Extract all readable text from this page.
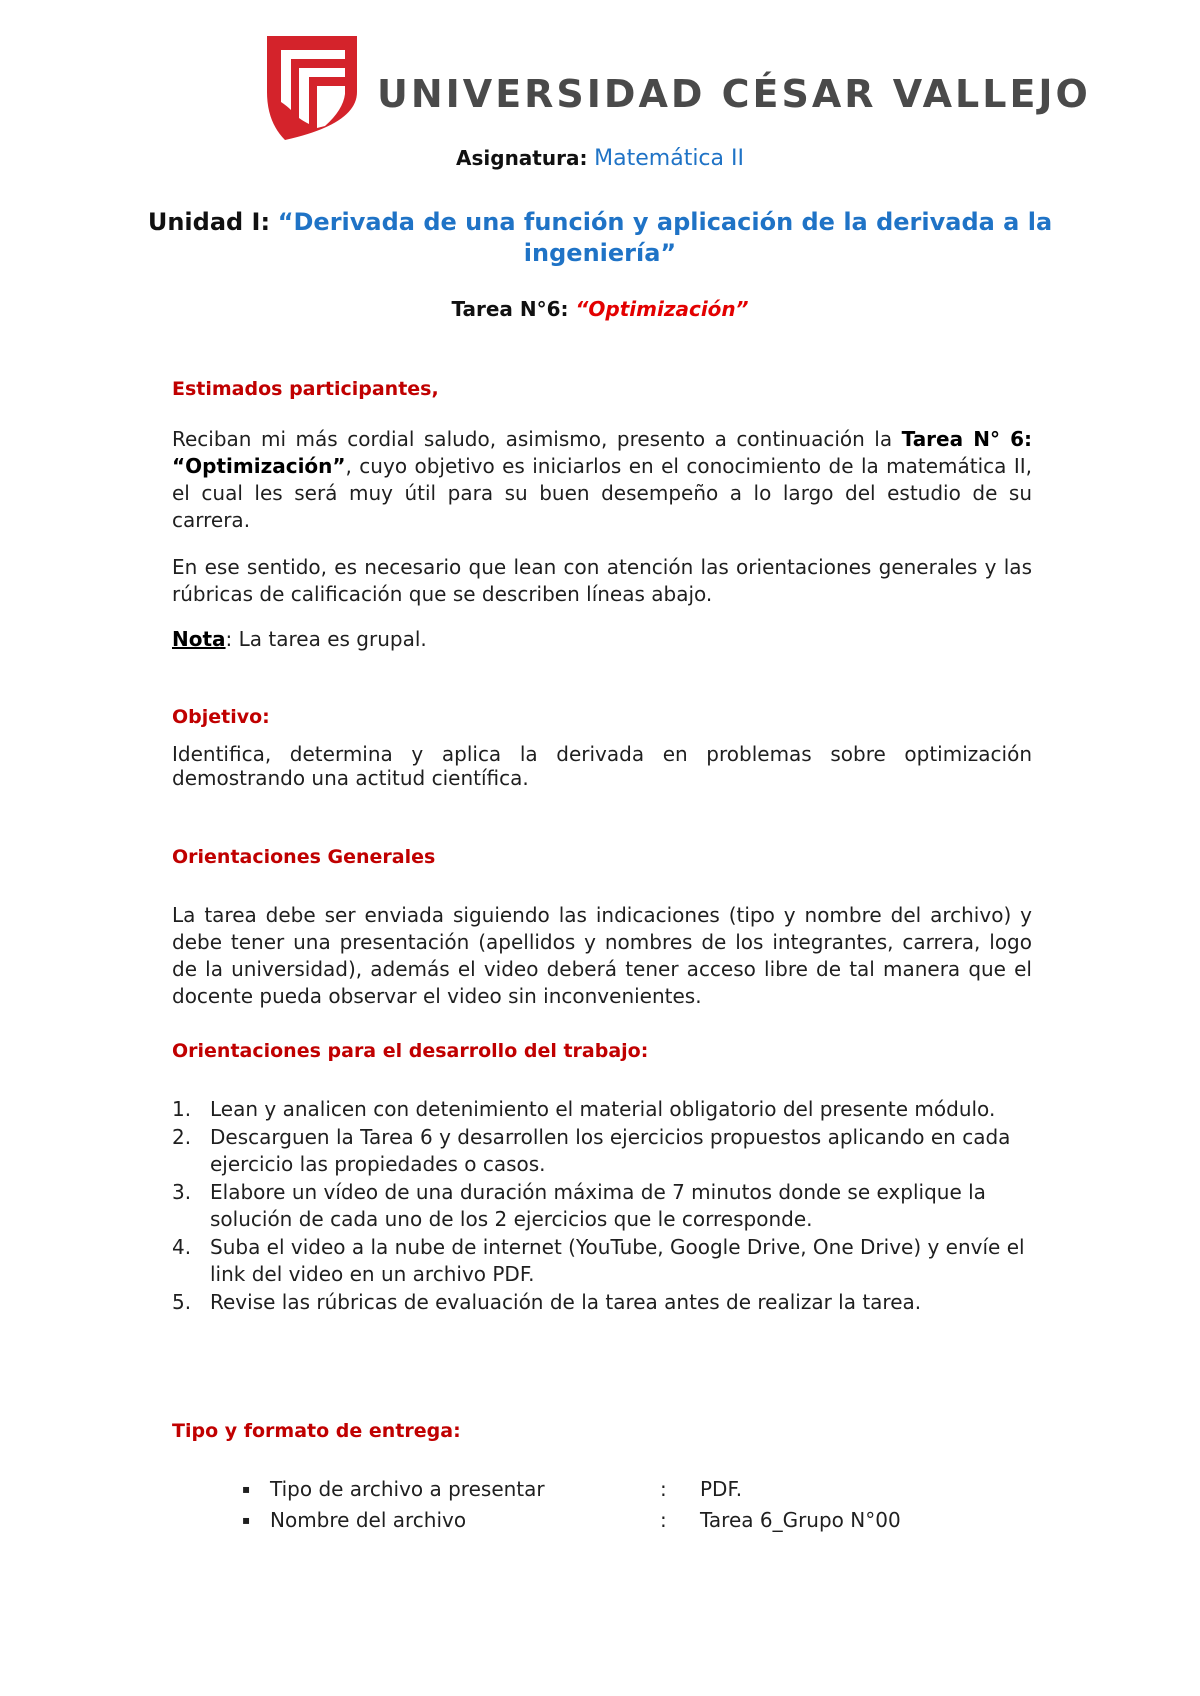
UNIVERSIDAD CÉSAR VALLEJO
Asignatura: Matemática II
Unidad I: “Derivada de una función y aplicación de la derivada a la
ingeniería”
Tarea N°6: “Optimización”
Estimados participantes,
Reciban mi más cordial saludo, asimismo, presento a continuación la Tarea N° 6: “Optimización”, cuyo objetivo es iniciarlos en el conocimiento de la matemática II, el cual les será muy útil para su buen desempeño a lo largo del estudio de su carrera.
En ese sentido, es necesario que lean con atención las orientaciones generales y las rúbricas de calificación que se describen líneas abajo.
Nota: La tarea es grupal.
Objetivo:
Identifica, determina y aplica la derivada en problemas sobre optimización demostrando una actitud científica.
Orientaciones Generales
La tarea debe ser enviada siguiendo las indicaciones (tipo y nombre del archivo) y debe tener una presentación (apellidos y nombres de los integrantes, carrera, logo de la universidad), además el video deberá tener acceso libre de tal manera que el docente pueda observar el video sin inconvenientes.
Orientaciones para el desarrollo del trabajo:
1. Lean y analicen con detenimiento el material obligatorio del presente módulo.
2. Descarguen la Tarea 6 y desarrollen los ejercicios propuestos aplicando en cada ejercicio las propiedades o casos.
3. Elabore un vídeo de una duración máxima de 7 minutos donde se explique la solución de cada uno de los 2 ejercicios que le corresponde.
4. Suba el video a la nube de internet (YouTube, Google Drive, One Drive) y envíe el link del video en un archivo PDF.
5. Revise las rúbricas de evaluación de la tarea antes de realizar la tarea.
Tipo y formato de entrega:
▪ Tipo de archivo a presentar	:	PDF.
▪ Nombre del archivo	:	Tarea 6_Grupo N°00
